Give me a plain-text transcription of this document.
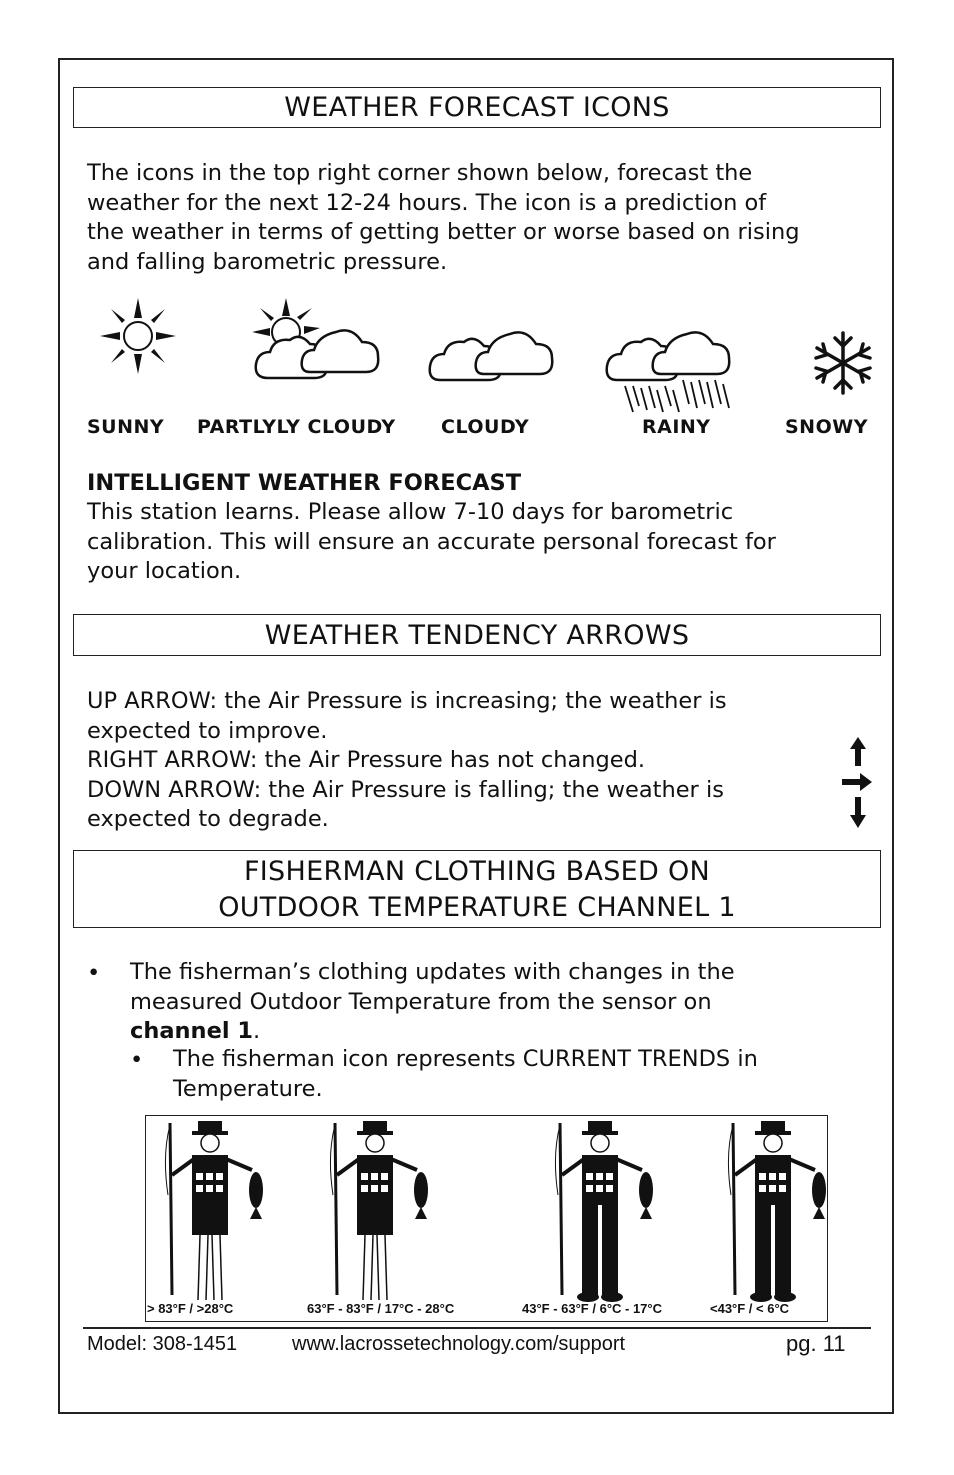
WEATHER FORECAST ICONS
The icons in the top right corner shown below, forecast the
weather for the next 12-24 hours. The icon is a prediction of
the weather in terms of getting better or worse based on rising
and falling barometric pressure.
SUNNY PARTLYLY CLOUDY CLOUDY	RAINY	SNOWY
INTELLIGENT WEATHER FORECAST
This station learns. Please allow 7-10 days for barometric
calibration. This will ensure an accurate personal forecast for
your location.
WEATHER TENDENCY ARROWS
UP ARROW: the Air Pressure is increasing; the weather is
expected to improve.
RIGHT ARROW: the Air Pressure has not changed.
DOWN ARROW: the Air Pressure is falling; the weather is
expected to degrade.
FISHERMAN CLOTHING BASED ON
OUTDOOR TEMPERATURE CHANNEL 1
• The fisherman’s clothing updates with changes in the
measured Outdoor Temperature from the sensor on
channel 1.
• The fisherman icon represents CURRENT TRENDS in
Temperature.
> 83°F / >28°C	63°F - 83°F / 17°C - 28°C	43°F - 63°F / 6°C - 17°C	<43°F / < 6°C
Model: 308-1451	www.lacrossetechnology.com/support	pg. 11
